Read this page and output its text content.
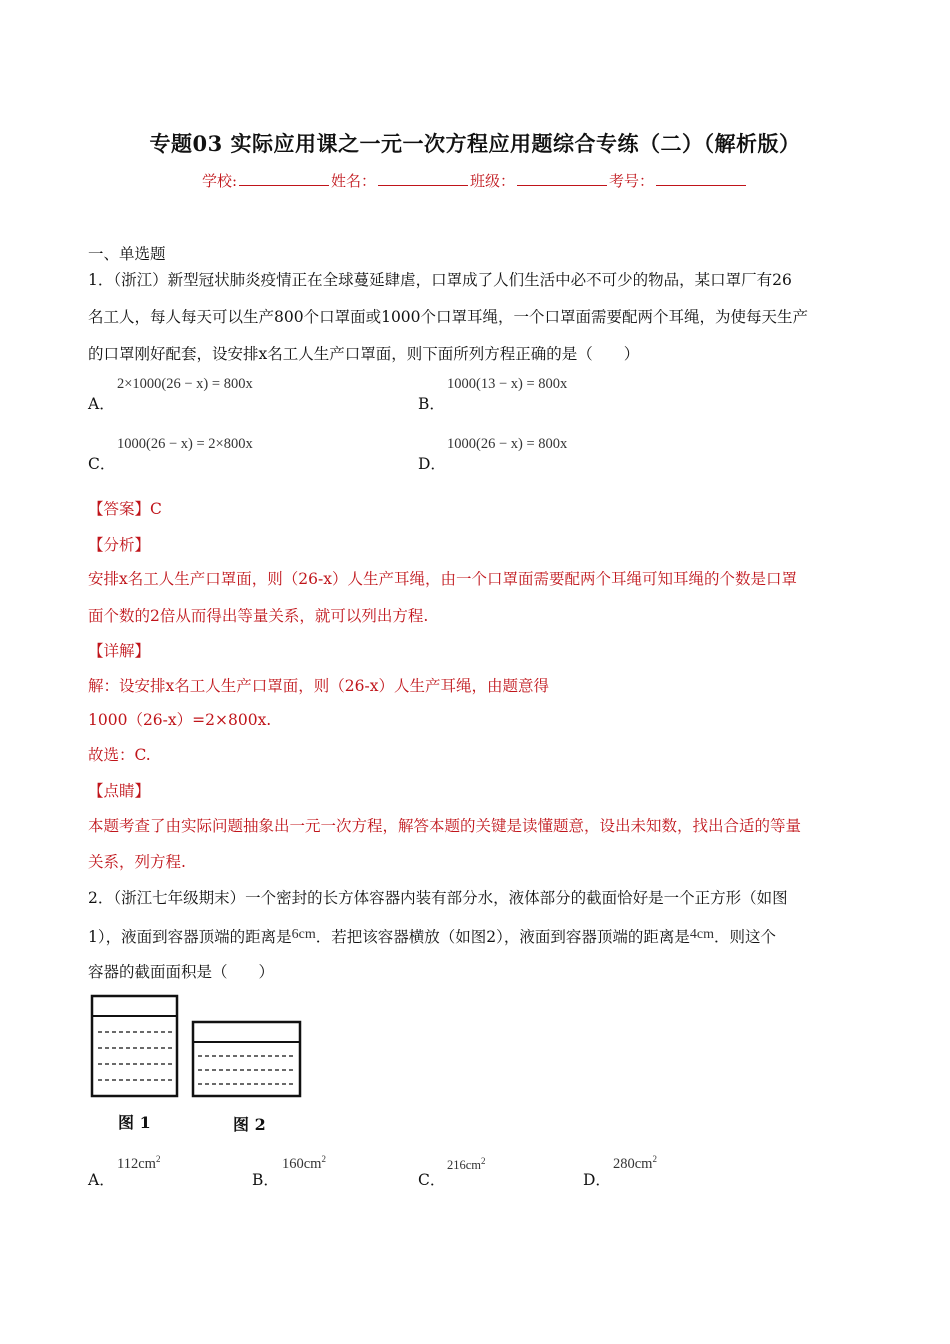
专题03 实际应用课之一元一次方程应用题综合专练（二）（解析版）
学校:	姓名：	班级：	考号：
一、单选题
1．（浙江）新型冠状肺炎疫情正在全球蔓延肆虐，口罩成了人们生活中必不可少的物品，某口罩厂有26
名工人，每人每天可以生产800个口罩面或1000个口罩耳绳，一个口罩面需要配两个耳绳，为使每天生产
的口罩刚好配套，设安排x名工人生产口罩面，则下面所列方程正确的是（　　）
A．
2×1000(26 − x) = 800x
B．
1000(13 − x) = 800x
C．
1000(26 − x) = 2×800x
D．
1000(26 − x) = 800x
【答案】C
【分析】
安排x名工人生产口罩面，则（26-x）人生产耳绳，由一个口罩面需要配两个耳绳可知耳绳的个数是口罩
面个数的2倍从而得出等量关系，就可以列出方程.
【详解】
解：设安排x名工人生产口罩面，则（26-x）人生产耳绳，由题意得
1000（26-x）=2×800x.
故选：C.
【点睛】
本题考查了由实际问题抽象出一元一次方程，解答本题的关键是读懂题意，设出未知数，找出合适的等量
关系，列方程.
2．（浙江七年级期末）一个密封的长方体容器内装有部分水，液体部分的截面恰好是一个正方形（如图
1），液面到容器顶端的距离是6cm．若把该容器横放（如图2），液面到容器顶端的距离是4cm．则这个
容器的截面面积是（　　）
图 1	图 2
A．
$112cm^2$
B．
$160cm^2$
C．
$216cm^2$
D．
$280cm^2$
